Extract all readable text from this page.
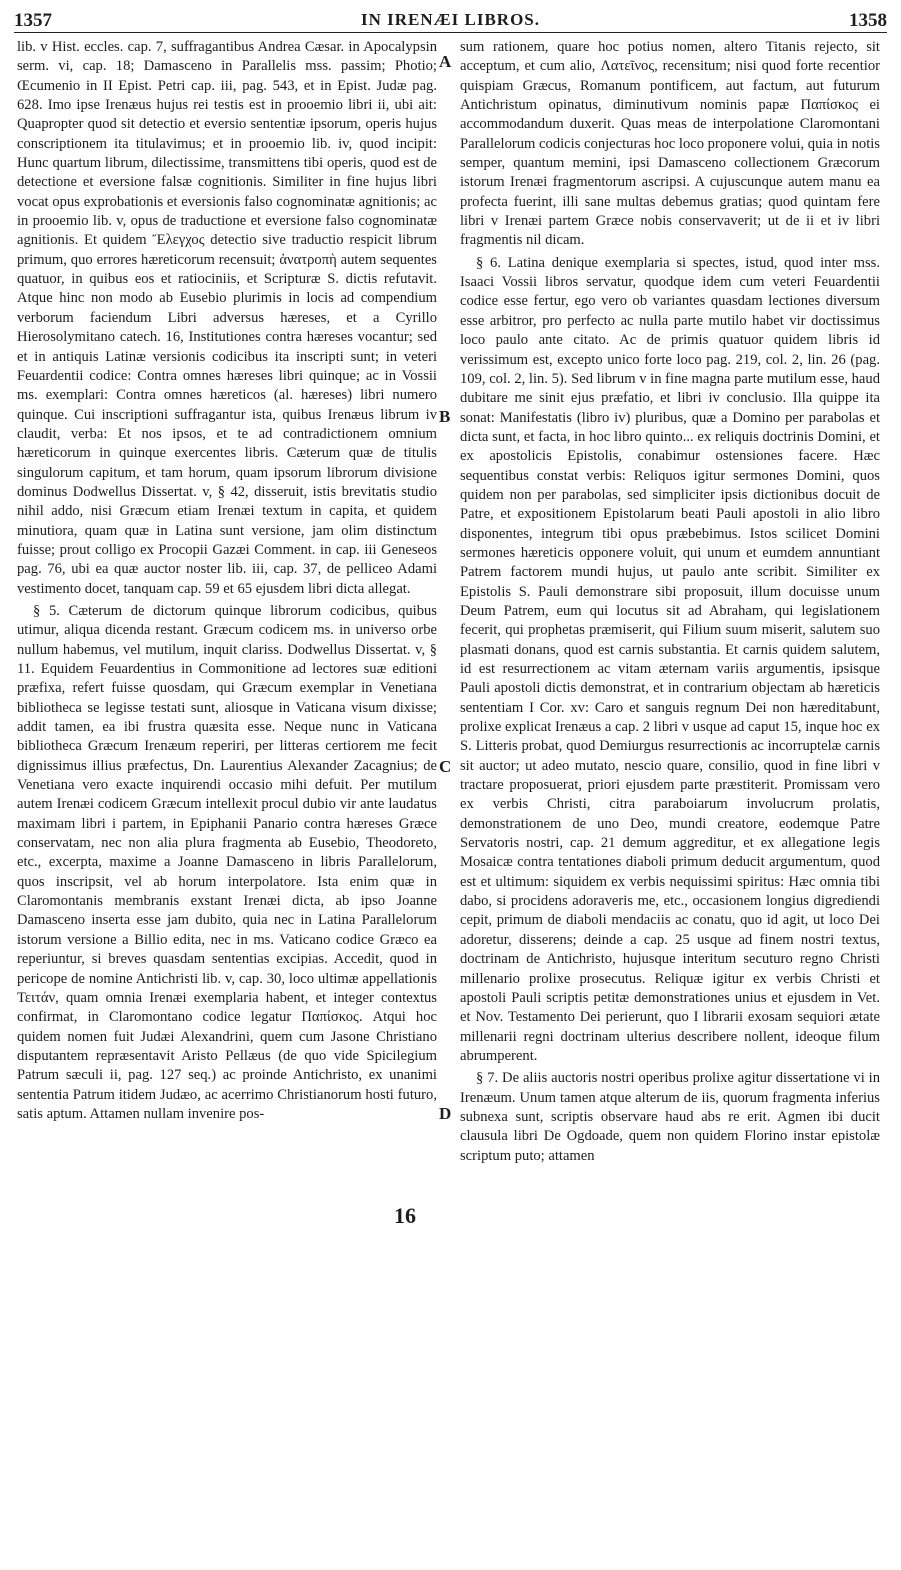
1357	IN IRENÆI LIBROS.	1358

lib. v Hist. eccles. cap. 7, suffragantibus Andrea Cæsar. in Apocalypsin serm. vi, cap. 18; Damasceno in Parallelis mss. passim; Photio; Œcumenio in II Epist. Petri cap. iii, pag. 543, et in Epist. Judæ pag. 628. Imo ipse Irenæus hujus rei testis est in prooemio libri ii, ubi ait: Quapropter quod sit detectio et eversio sententiæ ipsorum, operis hujus conscriptionem ita titulavimus; et in prooemio lib. iv, quod incipit: Hunc quartum librum, dilectissime, transmittens tibi operis, quod est de detectione et eversione falsæ cognitionis. Similiter in fine hujus libri vocat opus exprobationis et eversionis falso cognominatæ agnitionis; ac in prooemio lib. v, opus de traductione et eversione falso cognominatæ agnitionis. Et quidem Ἔλεγχος detectio sive traductio respicit librum primum, quo errores hæreticorum recensuit; ἀνατροπὴ autem sequentes quatuor, in quibus eos et ratiociniis, et Scripturæ S. dictis refutavit. Atque hinc non modo ab Eusebio plurimis in locis ad compendium verborum faciendum Libri adversus hæreses, et a Cyrillo Hierosolymitano catech. 16, Institutiones contra hæreses vocantur; sed et in antiquis Latinæ versionis codicibus ita inscripti sunt; in veteri Feuardentii codice: Contra omnes hæreses libri quinque; ac in Vossii ms. exemplari: Contra omnes hæreticos (al. hæreses) libri numero quinque. Cui inscriptioni suffragantur ista, quibus Irenæus librum iv claudit, verba: Et nos ipsos, et te ad contradictionem omnium hæreticorum in quinque exercentes libris. Cæterum quæ de titulis singulorum capitum, et tam horum, quam ipsorum librorum divisione dominus Dodwellus Dissertat. v, § 42, disseruit, istis brevitatis studio nihil addo, nisi Græcum etiam Irenæi textum in capita, et quidem minutiora, quam quæ in Latina sunt versione, jam olim distinctum fuisse; prout colligo ex Procopii Gazæi Comment. in cap. iii Geneseos pag. 76, ubi ea quæ auctor noster lib. iii, cap. 37, de pelliceo Adami vestimento docet, tanquam cap. 59 et 65 ejusdem libri dicta allegat.

§ 5. Cæterum de dictorum quinque librorum codicibus, quibus utimur, aliqua dicenda restant. Græcum codicem ms. in universo orbe nullum habemus, vel mutilum, inquit clariss. Dodwellus Dissertat. v, § 11. Equidem Feuardentius in Commonitione ad lectores suæ editioni præfixa, refert fuisse quosdam, qui Græcum exemplar in Venetiana bibliotheca se legisse testati sunt, aliosque in Vaticana visum dixisse; addit tamen, ea ibi frustra quæsita esse. Neque nunc in Vaticana bibliotheca Græcum Irenæum reperiri, per litteras certiorem me fecit dignissimus illius præfectus, Dn. Laurentius Alexander Zacagnius; de Venetiana vero exacte inquirendi occasio mihi defuit. Per mutilum autem Irenæi codicem Græcum intellexit procul dubio vir ante laudatus maximam libri i partem, in Epiphanii Panario contra hæreses Græce conservatam, nec non alia plura fragmenta ab Eusebio, Theodoreto, etc., excerpta, maxime a Joanne Damasceno in libris Parallelorum, quos inscripsit, vel ab horum interpolatore. Ista enim quæ in Claromontanis membranis exstant Irenæi dicta, ab ipso Joanne Damasceno inserta esse jam dubito, quia nec in Latina Parallelorum istorum versione a Billio edita, nec in ms. Vaticano codice Græco ea reperiuntur, si breves quasdam sententias excipias. Accedit, quod in pericope de nomine Antichristi lib. v, cap. 30, loco ultimæ appellationis Τειτάν, quam omnia Irenæi exemplaria habent, et integer contextus confirmat, in Claromontano codice legatur Παπίσκος. Atqui hoc quidem nomen fuit Judæi Alexandrini, quem cum Jasone Christiano disputantem repræsentavit Aristo Pellæus (de quo vide Spicilegium Patrum sæculi ii, pag. 127 seq.) ac proinde Antichristo, ex unanimi sententia Patrum itidem Judæo, ac acerrimo Christianorum hosti futuro, satis aptum. Attamen nullam invenire pos-

A
B
C
D
16

sum rationem, quare hoc potius nomen, altero Titanis rejecto, sit acceptum, et cum alio, Λατεῖνος, recensitum; nisi quod forte recentior quispiam Græcus, Romanum pontificem, aut factum, aut futurum Antichristum opinatus, diminutivum nominis papæ Παπίσκος ei accommodandum duxerit. Quas meas de interpolatione Claromontani Parallelorum codicis conjecturas hoc loco proponere volui, quia in notis semper, quantum memini, ipsi Damasceno collectionem Græcorum istorum Irenæi fragmentorum ascripsi. A cujuscunque autem manu ea profecta fuerint, illi sane multas debemus gratias; quod quintam fere libri v Irenæi partem Græce nobis conservaverit; ut de ii et iv libri fragmentis nil dicam.

§ 6. Latina denique exemplaria si spectes, istud, quod inter mss. Isaaci Vossii libros servatur, quodque idem cum veteri Feuardentii codice esse fertur, ego vero ob variantes quasdam lectiones diversum esse arbitror, pro perfecto ac nulla parte mutilo habet vir doctissimus loco paulo ante citato. Ac de primis quatuor quidem libris id verissimum est, excepto unico forte loco pag. 219, col. 2, lin. 26 (pag. 109, col. 2, lin. 5). Sed librum v in fine magna parte mutilum esse, haud dubitare me sinit ejus præfatio, et libri iv conclusio. Illa quippe ita sonat: Manifestatis (libro iv) pluribus, quæ a Domino per parabolas et dicta sunt, et facta, in hoc libro quinto... ex reliquis doctrinis Domini, et ex apostolicis Epistolis, conabimur ostensiones facere. Hæc sequentibus constat verbis: Reliquos igitur sermones Domini, quos quidem non per parabolas, sed simpliciter ipsis dictionibus docuit de Patre, et expositionem Epistolarum beati Pauli apostoli in alio libro disponentes, integrum tibi opus præbebimus. Istos scilicet Domini sermones hæreticis opponere voluit, qui unum et eumdem annuntiant Patrem factorem mundi hujus, ut paulo ante scribit. Similiter ex Epistolis S. Pauli demonstrare sibi proposuit, illum docuisse unum Deum Patrem, eum qui locutus sit ad Abraham, qui legislationem fecerit, qui prophetas præmiserit, qui Filium suum miserit, salutem suo plasmati donans, quod est carnis substantia. Et carnis quidem salutem, id est resurrectionem ac vitam æternam variis argumentis, ipsisque Pauli apostoli dictis demonstrat, et in contrarium objectam ab hæreticis sententiam I Cor. xv: Caro et sanguis regnum Dei non hæreditabunt, prolixe explicat Irenæus a cap. 2 libri v usque ad caput 15, inque hoc ex S. Litteris probat, quod Demiurgus resurrectionis ac incorruptelæ carnis sit auctor; ut adeo mutato, nescio quare, consilio, quod in fine libri v tractare proposuerat, priori ejusdem parte præstiterit. Promissam vero ex verbis Christi, citra paraboiarum involucrum prolatis, demonstrationem de uno Deo, mundi creatore, eodemque Patre Servatoris nostri, cap. 21 demum aggreditur, et ex allegatione legis Mosaicæ contra tentationes diaboli primum deducit argumentum, quod est et ultimum: siquidem ex verbis nequissimi spiritus: Hæc omnia tibi dabo, si procidens adoraveris me, etc., occasionem longius digrediendi cepit, primum de diaboli mendaciis ac conatu, quo id agit, ut loco Dei adoretur, disserens; deinde a cap. 25 usque ad finem nostri textus, doctrinam de Antichristo, hujusque interitum secuturo regno Christi millenario prolixe prosecutus. Reliquæ igitur ex verbis Christi et apostoli Pauli scriptis petitæ demonstrationes unius et ejusdem in Vet. et Nov. Testamento Dei perierunt, quo I librarii exosam sequiori ætate millenarii regni doctrinam ulterius describere nollent, ideoque filum abrumperent.

§ 7. De aliis auctoris nostri operibus prolixe agitur dissertatione vi in Irenæum. Unum tamen atque alterum de iis, quorum fragmenta inferius subnexa sunt, scriptis observare haud abs re erit. Agmen ibi ducit clausula libri De Ogdoade, quem non quidem Florino instar epistolæ scriptum puto; attamen
